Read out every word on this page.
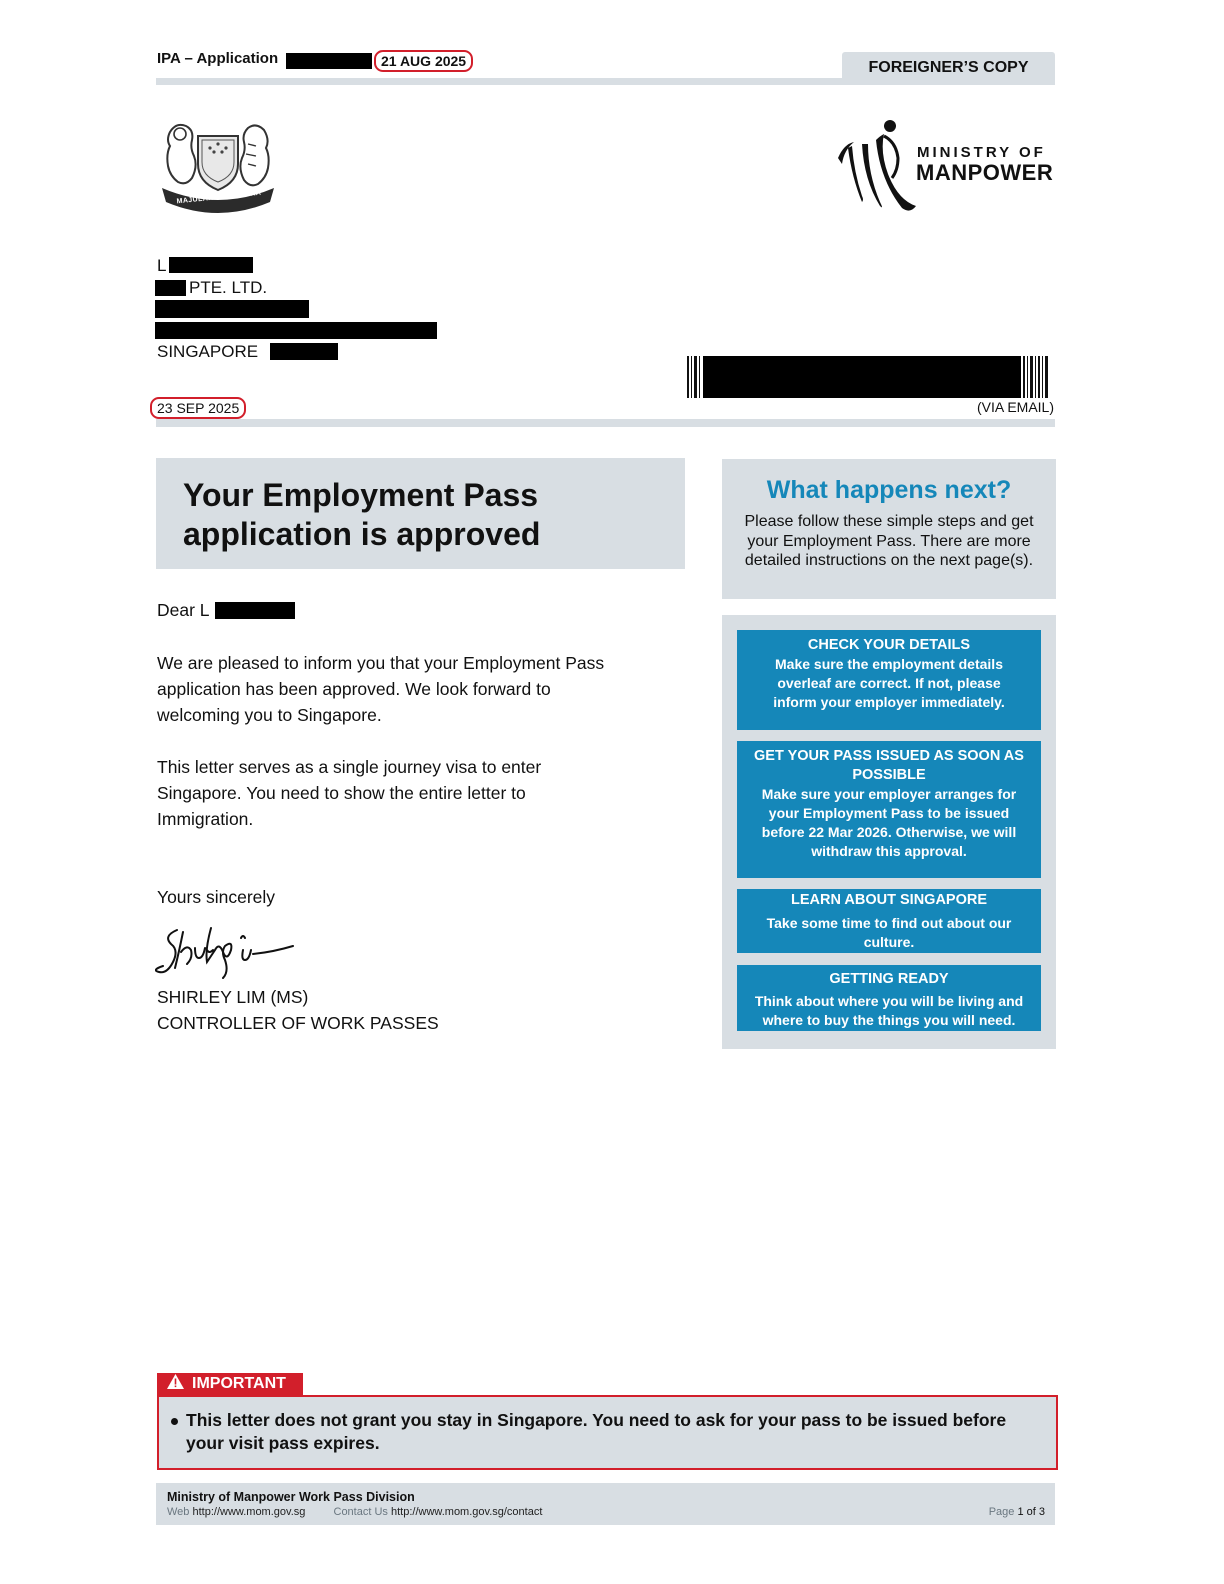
IPA – Application	21 AUG 2025	FOREIGNER’S COPY
MAJULAH SINGAPURA
MINISTRY OF
MANPOWER
L
PTE. LTD.
SINGAPORE
23 SEP 2025	(VIA EMAIL)
Your Employment Pass application is approved
What happens next?
Please follow these simple steps and get your Employment Pass. There are more detailed instructions on the next page(s).
CHECK YOUR DETAILS
Make sure the employment details overleaf are correct. If not, please inform your employer immediately.
GET YOUR PASS ISSUED AS SOON AS POSSIBLE
Make sure your employer arranges for your Employment Pass to be issued before 22 Mar 2026. Otherwise, we will withdraw this approval.
LEARN ABOUT SINGAPORE
Take some time to find out about our culture.
GETTING READY
Think about where you will be living and where to buy the things you will need.
Dear L
We are pleased to inform you that your Employment Pass application has been approved. We look forward to welcoming you to Singapore.
This letter serves as a single journey visa to enter Singapore. You need to show the entire letter to Immigration.
Yours sincerely
SHIRLEY LIM (MS)
CONTROLLER OF WORK PASSES
IMPORTANT
This letter does not grant you stay in Singapore. You need to ask for your pass to be issued before your visit pass expires.
Ministry of Manpower Work Pass Division
Web http://www.mom.gov.sg	Contact Us http://www.mom.gov.sg/contact	Page 1 of 3
